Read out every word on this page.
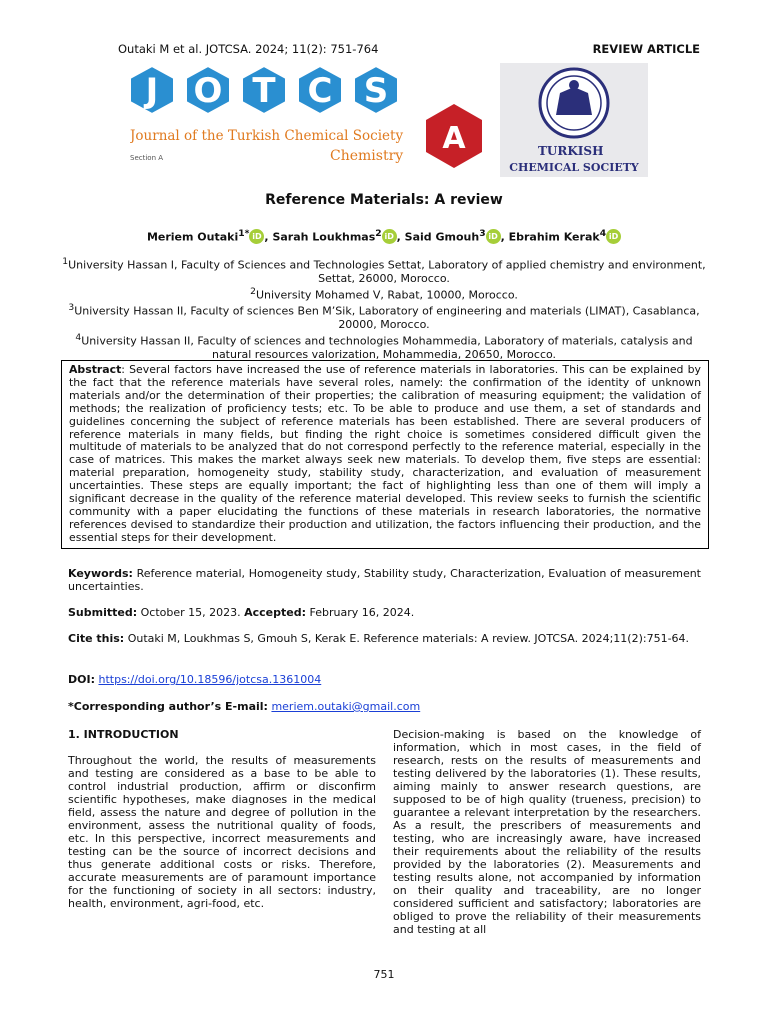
Outaki M et al. JOTCSA. 2024; 11(2): 751-764	REVIEW ARTICLE
J O T C S
A
Journal of the Turkish Chemical Society
Section A	Chemistry	TURKISH
CHEMICAL SOCIETY
Reference Materials: A review
Meriem Outaki$^{1*}$ iD , Sarah Loukhmas$^2$ iD , Said Gmouh$^3$ iD , Ebrahim Kerak$^4$ iD
$^1$University Hassan I, Faculty of Sciences and Technologies Settat, Laboratory of applied chemistry and environment, Settat, 26000, Morocco.
$^2$University Mohamed V, Rabat, 10000, Morocco.
$^3$University Hassan II, Faculty of sciences Ben M’Sik, Laboratory of engineering and materials (LIMAT), Casablanca, 20000, Morocco.
$^4$University Hassan II, Faculty of sciences and technologies Mohammedia, Laboratory of materials, catalysis and natural resources valorization, Mohammedia, 20650, Morocco.
Abstract: Several factors have increased the use of reference materials in laboratories. This can be explained by the fact that the reference materials have several roles, namely: the confirmation of the identity of unknown materials and/or the determination of their properties; the calibration of measuring equipment; the validation of methods; the realization of proficiency tests; etc. To be able to produce and use them, a set of standards and guidelines concerning the subject of reference materials has been established. There are several producers of reference materials in many fields, but finding the right choice is sometimes considered difficult given the multitude of materials to be analyzed that do not correspond perfectly to the reference material, especially in the case of matrices. This makes the market always seek new materials. To develop them, five steps are essential: material preparation, homogeneity study, stability study, characterization, and evaluation of measurement uncertainties. These steps are equally important; the fact of highlighting less than one of them will imply a significant decrease in the quality of the reference material developed. This review seeks to furnish the scientific community with a paper elucidating the functions of these materials in research laboratories, the normative references devised to standardize their production and utilization, the factors influencing their production, and the essential steps for their development.
Keywords: Reference material, Homogeneity study, Stability study, Characterization, Evaluation of measurement uncertainties.
Submitted: October 15, 2023. Accepted: February 16, 2024.
Cite this: Outaki M, Loukhmas S, Gmouh S, Kerak E. Reference materials: A review. JOTCSA. 2024;11(2):751-64.
DOI: https://doi.org/10.18596/jotcsa.1361004
*Corresponding author’s E-mail: meriem.outaki@gmail.com
1. INTRODUCTION
Throughout the world, the results of measurements and testing are considered as a base to be able to control industrial production, affirm or disconfirm scientific hypotheses, make diagnoses in the medical field, assess the nature and degree of pollution in the environment, assess the nutritional quality of foods, etc. In this perspective, incorrect measurements and testing can be the source of incorrect decisions and thus generate additional costs or risks. Therefore, accurate measurements are of paramount importance for the functioning of society in all sectors: industry, health, environment, agri-food, etc.
Decision-making is based on the knowledge of information, which in most cases, in the field of research, rests on the results of measurements and testing delivered by the laboratories (1). These results, aiming mainly to answer research questions, are supposed to be of high quality (trueness, precision) to guarantee a relevant interpretation by the researchers. As a result, the prescribers of measurements and testing, who are increasingly aware, have increased their requirements about the reliability of the results provided by the laboratories (2). Measurements and testing results alone, not accompanied by information on their quality and traceability, are no longer considered sufficient and satisfactory; laboratories are obliged to prove the reliability of their measurements and testing at all
751
